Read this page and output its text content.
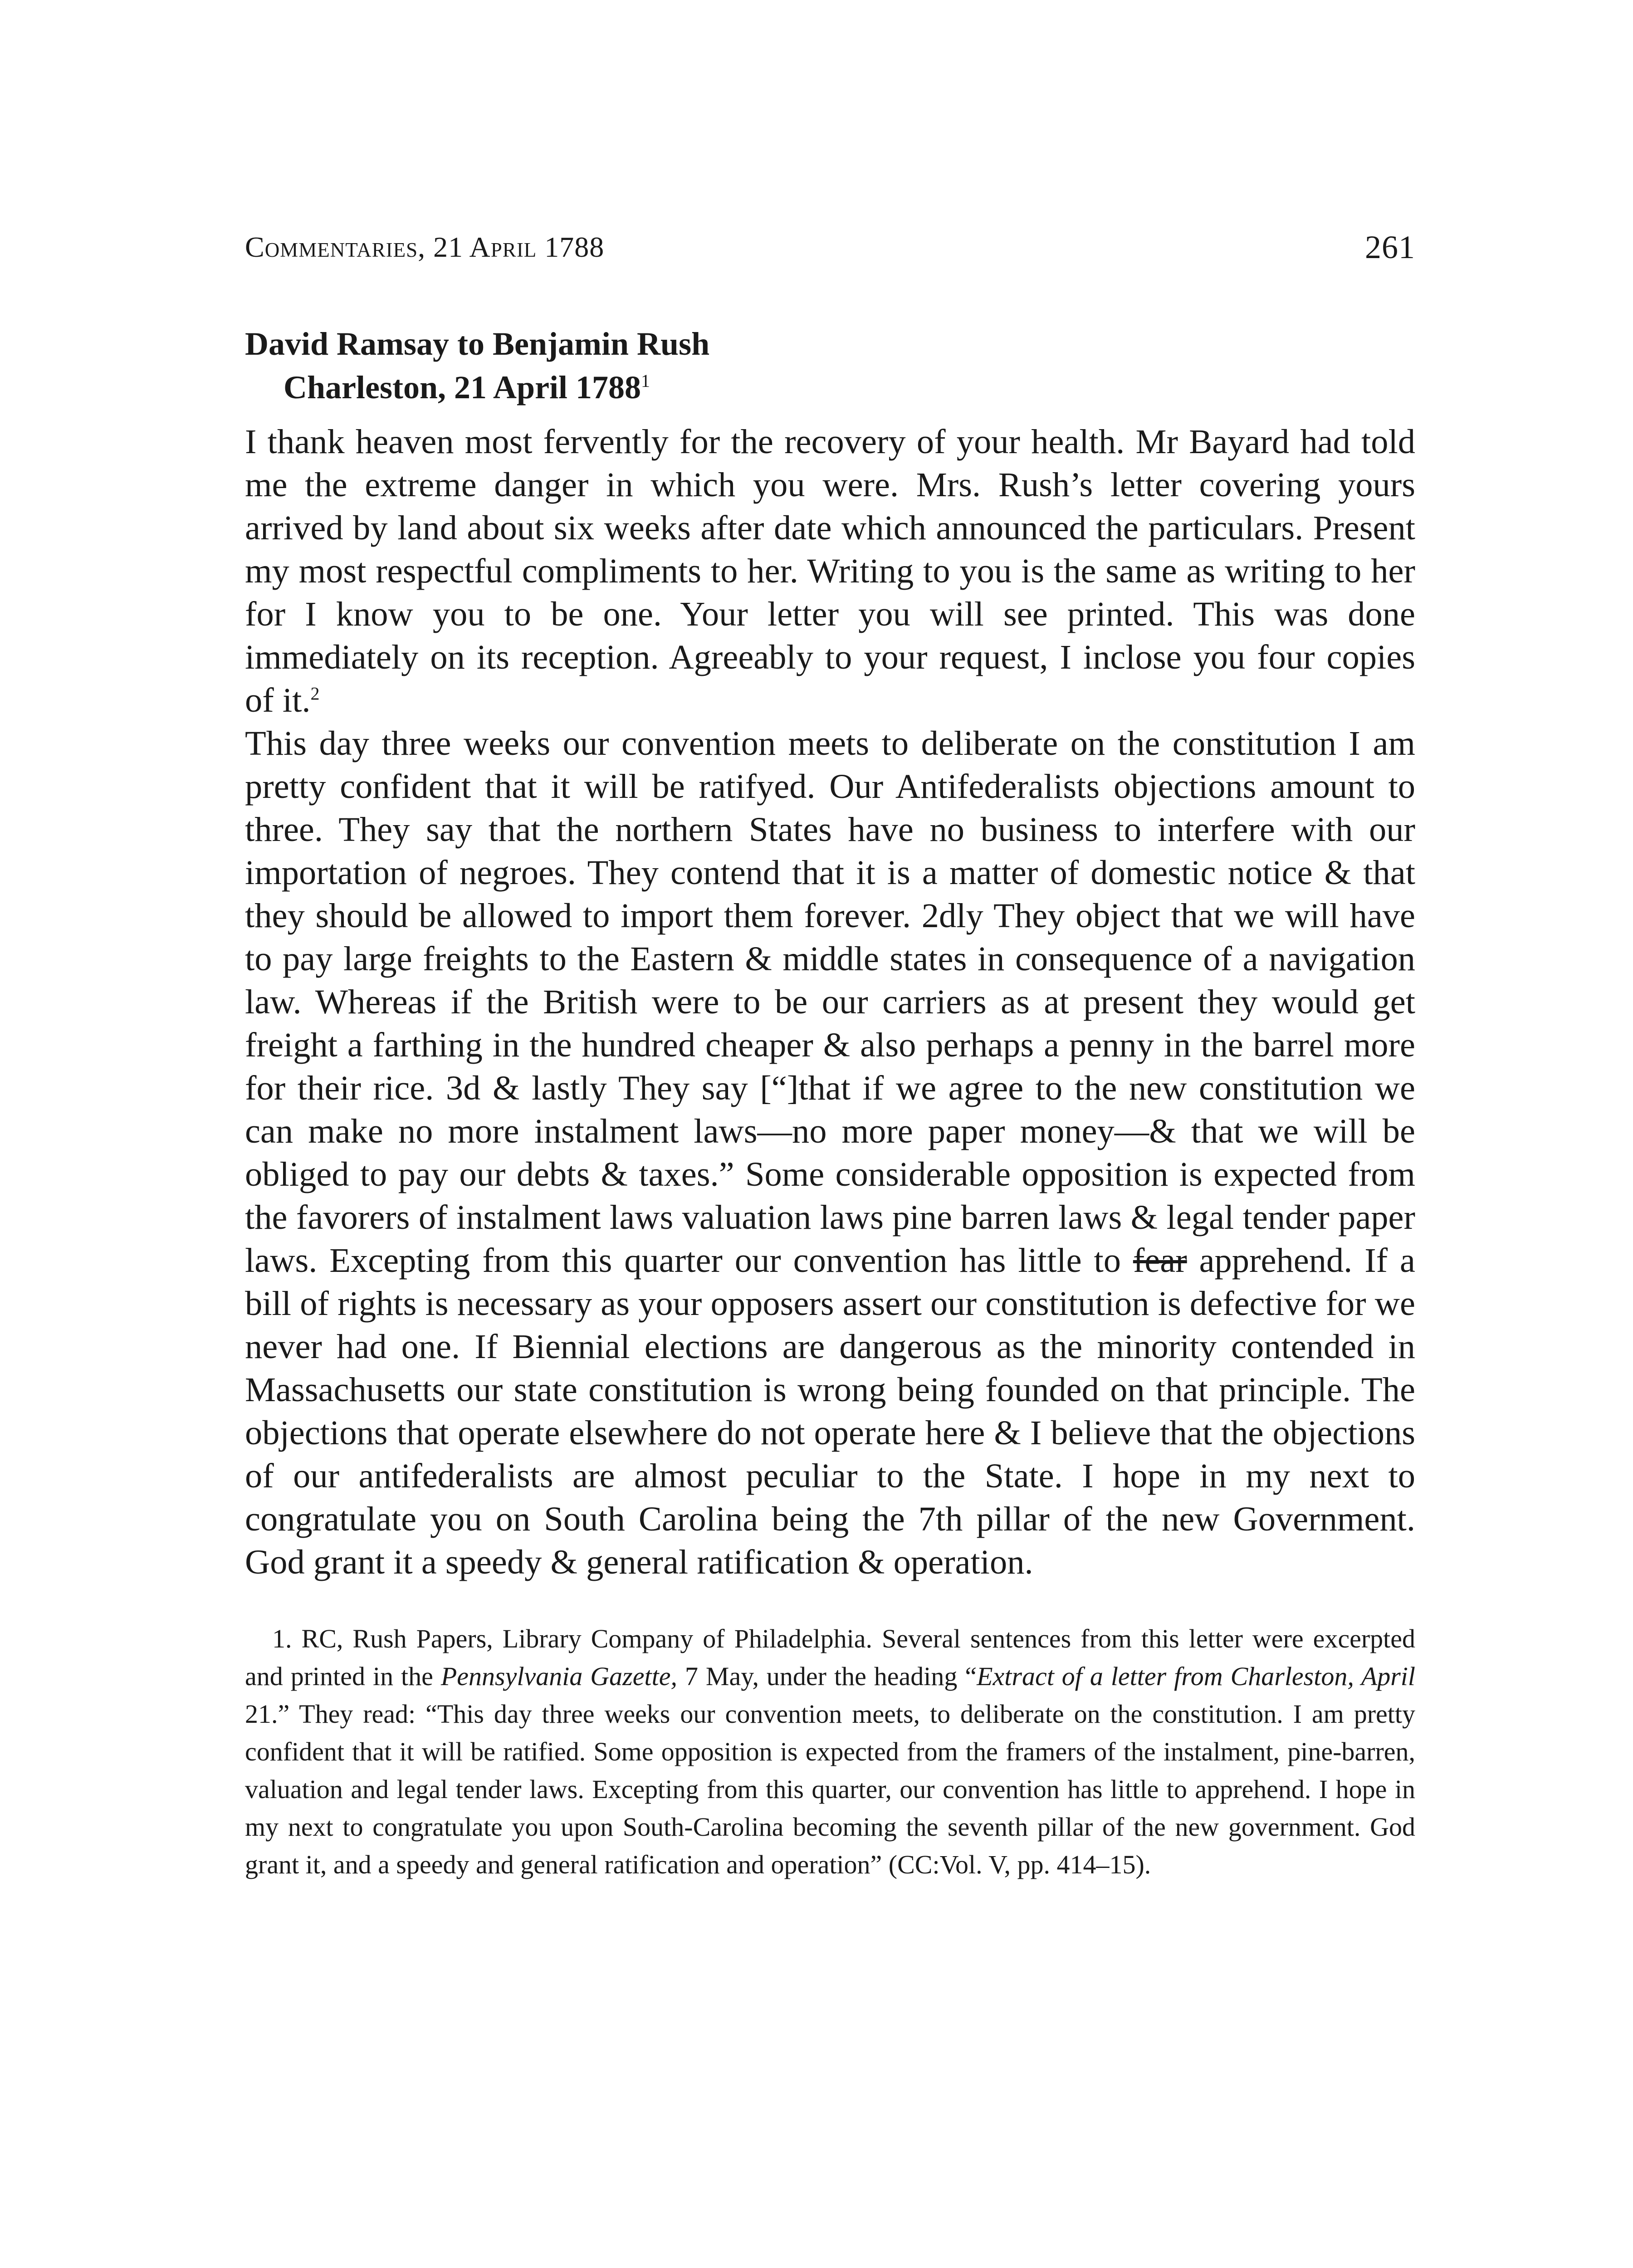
Commentaries, 21 April 1788	261
David Ramsay to Benjamin Rush
Charleston, 21 April 1788$^1$

I thank heaven most fervently for the recovery of your health. Mr Bayard had told me the extreme danger in which you were. Mrs. Rush’s letter covering yours arrived by land about six weeks after date which announced the particulars. Present my most respectful compliments to her. Writing to you is the same as writing to her for I know you to be one. Your letter you will see printed. This was done immediately on its reception. Agreeably to your request, I inclose you four copies of it.$^2$

This day three weeks our convention meets to deliberate on the constitution I am pretty confident that it will be ratifyed. Our Antifederalists objections amount to three. They say that the northern States have no business to interfere with our importation of negroes. They contend that it is a matter of domestic notice & that they should be allowed to import them forever. 2dly They object that we will have to pay large freights to the Eastern & middle states in consequence of a navigation law. Whereas if the British were to be our carriers as at present they would get freight a farthing in the hundred cheaper & also perhaps a penny in the barrel more for their rice. 3d & lastly They say [“]that if we agree to the new constitution we can make no more instalment laws—no more paper money—& that we will be obliged to pay our debts & taxes.” Some considerable opposition is expected from the favorers of instalment laws valuation laws pine barren laws & legal tender paper laws. Excepting from this quarter our convention has little to fear apprehend. If a bill of rights is necessary as your opposers assert our constitution is defective for we never had one. If Biennial elections are dangerous as the minority contended in Massachusetts our state constitution is wrong being founded on that principle. The objections that operate elsewhere do not operate here & I believe that the objections of our antifederalists are almost peculiar to the State. I hope in my next to congratulate you on South Carolina being the 7th pillar of the new Government. God grant it a speedy & general ratification & operation.

1. RC, Rush Papers, Library Company of Philadelphia. Several sentences from this letter were excerpted and printed in the Pennsylvania Gazette, 7 May, under the heading “Extract of a letter from Charleston, April 21.” They read: “This day three weeks our convention meets, to deliberate on the constitution. I am pretty confident that it will be ratified. Some opposition is expected from the framers of the instalment, pine-barren, valuation and legal tender laws. Excepting from this quarter, our convention has little to apprehend. I hope in my next to congratulate you upon South-Carolina becoming the seventh pillar of the new government. God grant it, and a speedy and general ratification and operation” (CC:Vol. V, pp. 414–15).
